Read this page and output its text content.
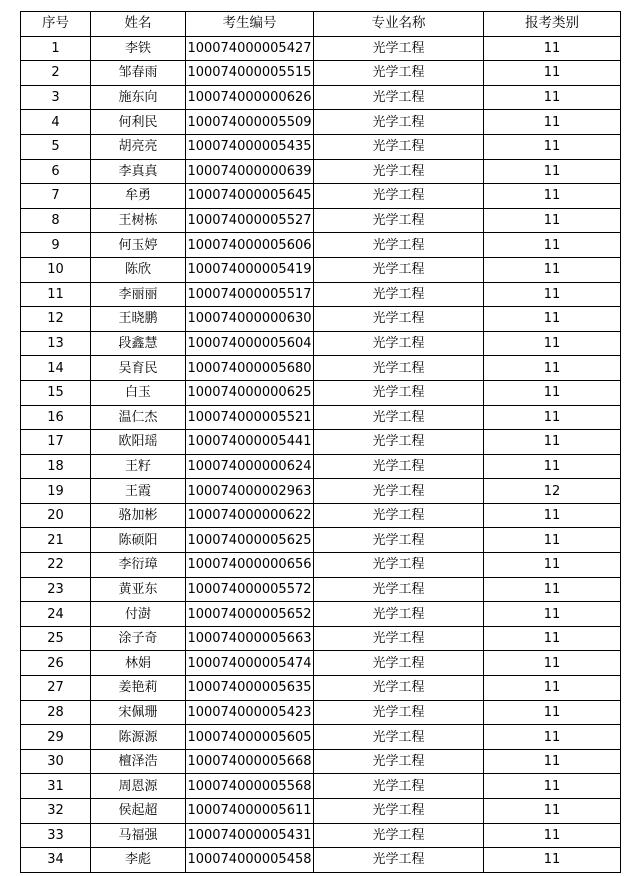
序号	姓名	考生编号	专业名称	报考类别
1	李铁	100074000005427	光学工程	11
2	邹春雨	100074000005515	光学工程	11
3	施东向	100074000000626	光学工程	11
4	何利民	100074000005509	光学工程	11
5	胡亮亮	100074000005435	光学工程	11
6	李真真	100074000000639	光学工程	11
7	牟勇	100074000005645	光学工程	11
8	王树栋	100074000005527	光学工程	11
9	何玉婷	100074000005606	光学工程	11
10	陈欣	100074000005419	光学工程	11
11	李丽丽	100074000005517	光学工程	11
12	王晓鹏	100074000000630	光学工程	11
13	段鑫慧	100074000005604	光学工程	11
14	吴育民	100074000005680	光学工程	11
15	白玉	100074000000625	光学工程	11
16	温仁杰	100074000005521	光学工程	11
17	欧阳瑶	100074000005441	光学工程	11
18	王籽	100074000000624	光学工程	11
19	王霞	100074000002963	光学工程	12
20	骆加彬	100074000000622	光学工程	11
21	陈硕阳	100074000005625	光学工程	11
22	李衍璋	100074000000656	光学工程	11
23	黄亚东	100074000005572	光学工程	11
24	付澍	100074000005652	光学工程	11
25	涂子奇	100074000005663	光学工程	11
26	林娟	100074000005474	光学工程	11
27	姜艳莉	100074000005635	光学工程	11
28	宋佩珊	100074000005423	光学工程	11
29	陈源源	100074000005605	光学工程	11
30	檀泽浩	100074000005668	光学工程	11
31	周恩源	100074000005568	光学工程	11
32	侯起超	100074000005611	光学工程	11
33	马福强	100074000005431	光学工程	11
34	李彪	100074000005458	光学工程	11
